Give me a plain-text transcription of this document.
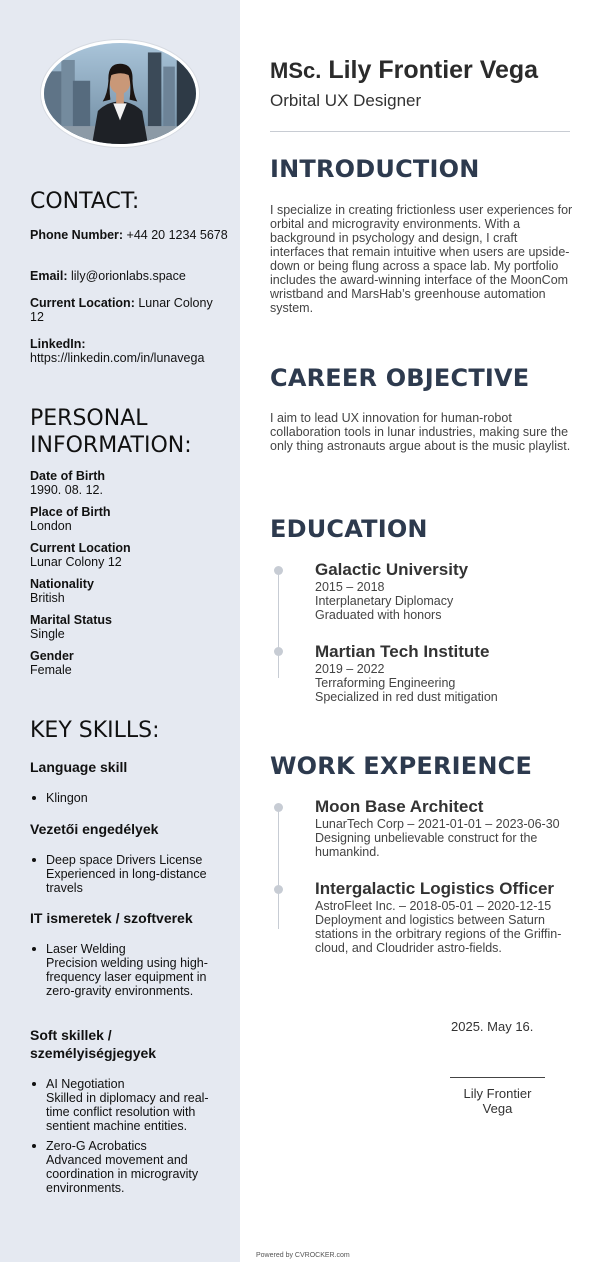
CONTACT:
Phone Number: +44 20 1234 5678
Email: lily@orionlabs.space
Current Location: Lunar Colony 12
LinkedIn:
https://linkedin.com/in/lunavega
PERSONAL
INFORMATION:
Date of Birth
1990. 08. 12.
Place of Birth
London
Current Location
Lunar Colony 12
Nationality
British
Marital Status
Single
Gender
Female
KEY SKILLS:
Language skill
Klingon
Vezetői engedélyek
Deep space Drivers License
Experienced in long-distance travels
IT ismeretek / szoftverek
Laser Welding
Precision welding using high-frequency laser equipment in zero-gravity environments.
Soft skillek /
személyiségjegyek
AI Negotiation
Skilled in diplomacy and real-time conflict resolution with sentient machine entities.
Zero-G Acrobatics
Advanced movement and coordination in microgravity environments.
MSc. Lily Frontier Vega
Orbital UX Designer
INTRODUCTION

I specialize in creating frictionless user experiences for orbital and microgravity environments. With a background in psychology and design, I craft interfaces that remain intuitive when users are upside-down or being flung across a space lab. My portfolio includes the award-winning interface of the MoonCom wristband and MarsHab’s greenhouse automation system.

CAREER OBJECTIVE

I aim to lead UX innovation for human-robot collaboration tools in lunar industries, making sure the only thing astronauts argue about is the music playlist.

EDUCATION
Galactic University
2015 – 2018
Interplanetary Diplomacy
Graduated with honors
Martian Tech Institute
2019 – 2022
Terraforming Engineering
Specialized in red dust mitigation
WORK EXPERIENCE
Moon Base Architect
LunarTech Corp – 2021-01-01 – 2023-06-30
Designing unbelievable construct for the humankind.
Intergalactic Logistics Officer
AstroFleet Inc. – 2018-05-01 – 2020-12-15
Deployment and logistics between Saturn stations in the orbitrary regions of the Griffin-cloud, and Cloudrider astro-fields.
2025. May 16.
Lily Frontier Vega
Powered by CVROCKER.com
